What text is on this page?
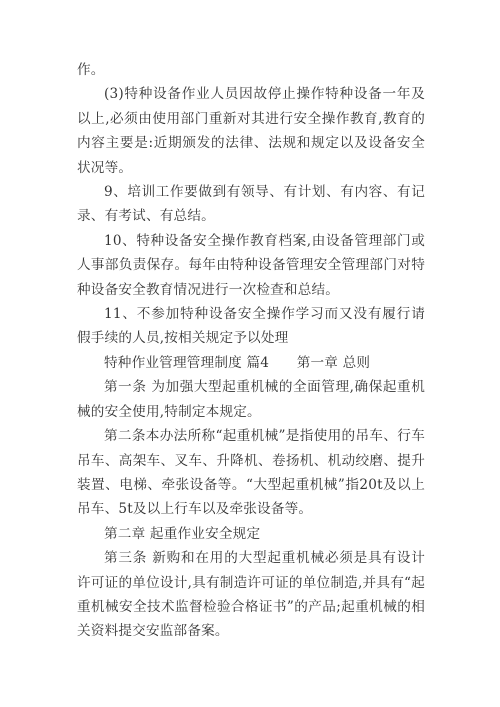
作。

(3)特种设备作业人员因故停止操作特种设备一年及以上,必须由使用部门重新对其进行安全操作教育,教育的内容主要是:近期颁发的法律、法规和规定以及设备安全状况等。

9、培训工作要做到有领导、有计划、有内容、有记录、有考试、有总结。

10、特种设备安全操作教育档案,由设备管理部门或人事部负责保存。每年由特种设备管理安全管理部门对特种设备安全教育情况进行一次检查和总结。

11、不参加特种设备安全操作学习而又没有履行请假手续的人员,按相关规定予以处理

特种作业管理管理制度 篇4　　第一章 总则

第一条 为加强大型起重机械的全面管理,确保起重机械的安全使用,特制定本规定。

第二条本办法所称“起重机械”是指使用的吊车、行车吊车、高架车、叉车、升降机、卷扬机、机动绞磨、提升装置、电梯、牵张设备等。“大型起重机械”指20t及以上吊车、5t及以上行车以及牵张设备等。

第二章 起重作业安全规定

第三条 新购和在用的大型起重机械必须是具有设计许可证的单位设计,具有制造许可证的单位制造,并具有“起重机械安全技术监督检验合格证书”的产品;起重机械的相关资料提交安监部备案。
